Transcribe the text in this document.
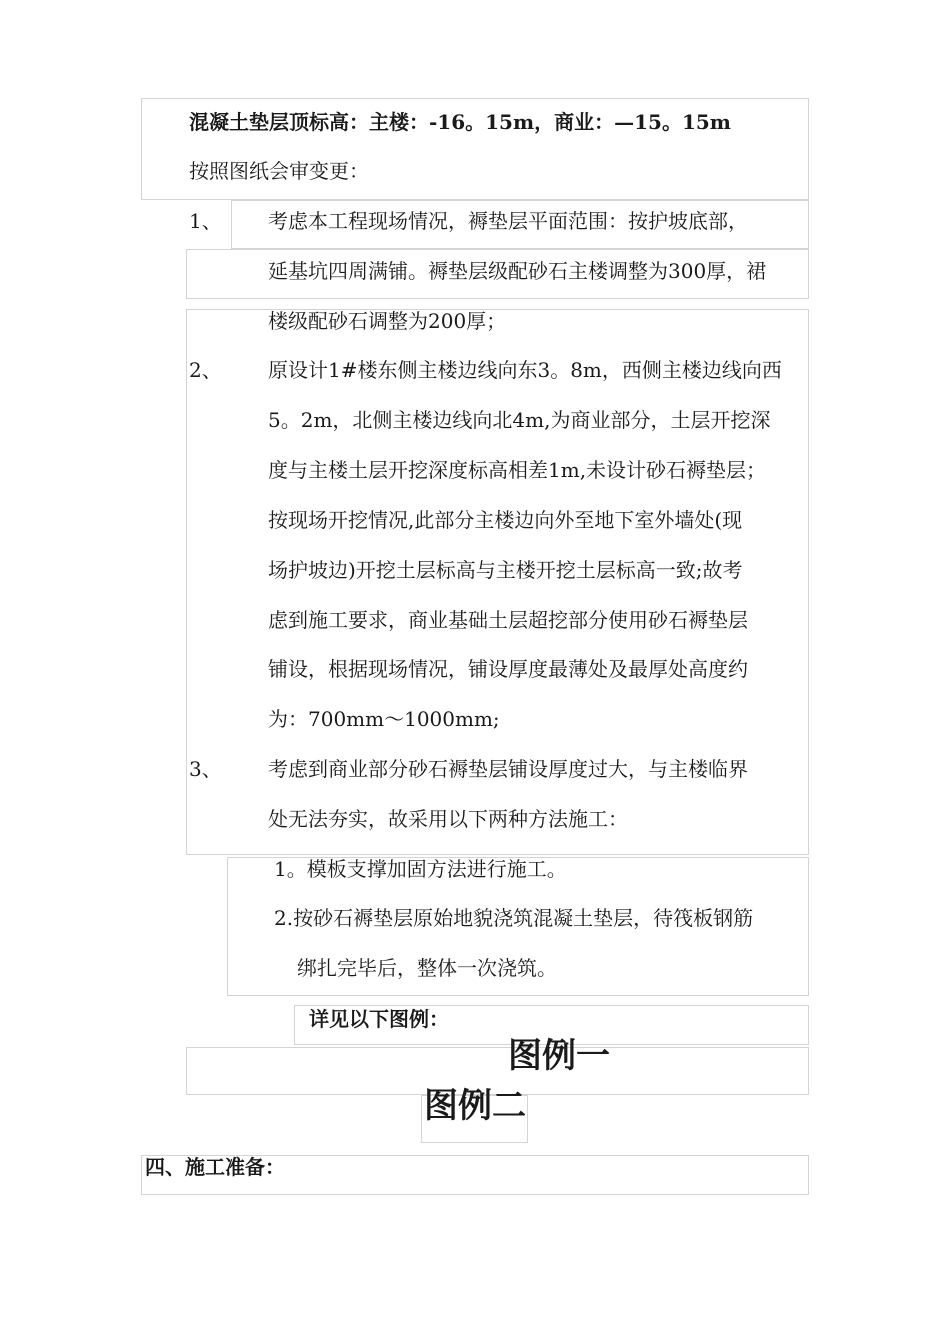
混凝土垫层顶标高：主楼：-16。15m，商业：—15。15m
按照图纸会审变更：
1、 考虑本工程现场情况，褥垫层平面范围：按护坡底部，
延基坑四周满铺。褥垫层级配砂石主楼调整为300厚，裙
楼级配砂石调整为200厚；
2、 原设计1#楼东侧主楼边线向东3。8m，西侧主楼边线向西
5。2m，北侧主楼边线向北4m,为商业部分，土层开挖深
度与主楼土层开挖深度标高相差1m,未设计砂石褥垫层；
按现场开挖情况,此部分主楼边向外至地下室外墙处(现
场护坡边)开挖土层标高与主楼开挖土层标高一致;故考
虑到施工要求，商业基础土层超挖部分使用砂石褥垫层
铺设，根据现场情况，铺设厚度最薄处及最厚处高度约
为：700mm～1000mm;
3、 考虑到商业部分砂石褥垫层铺设厚度过大，与主楼临界
处无法夯实，故采用以下两种方法施工：
1。模板支撑加固方法进行施工。
2.按砂石褥垫层原始地貌浇筑混凝土垫层，待筏板钢筋
绑扎完毕后，整体一次浇筑。
详见以下图例：
图例一
图例二
四、施工准备：
